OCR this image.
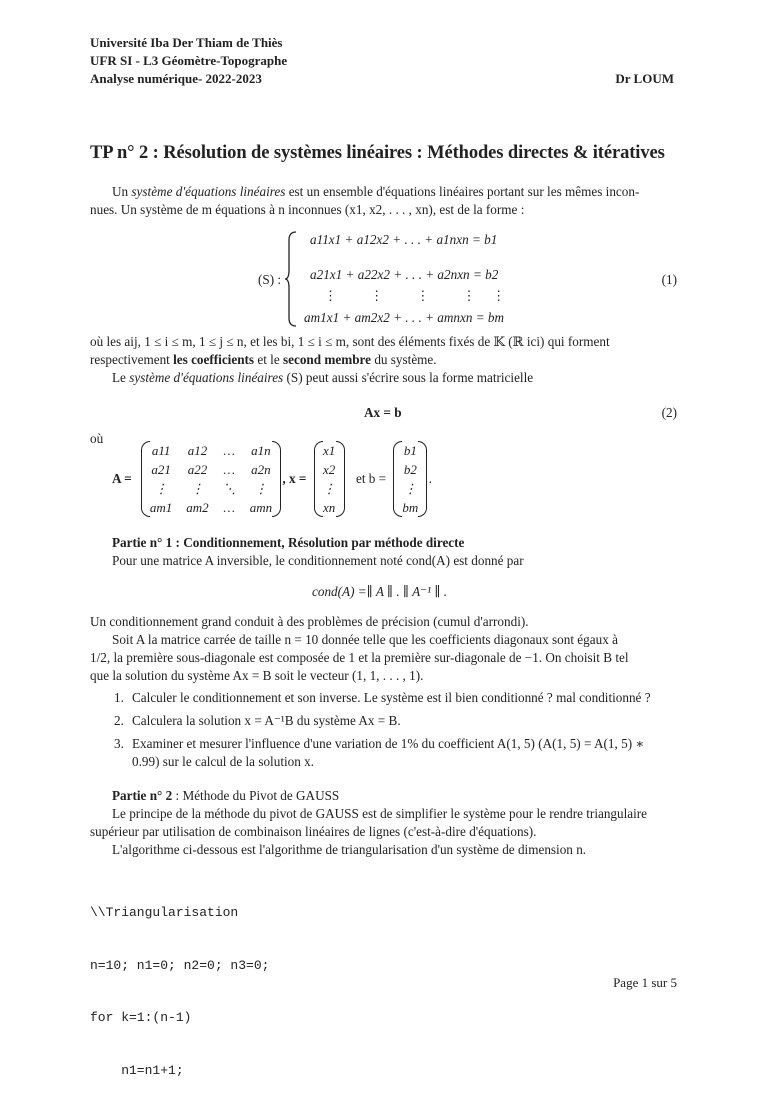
Université Iba Der Thiam de Thiès
UFR SI - L3 Géomètre-Topographe
Analyse numérique- 2022-2023	Dr LOUM
TP n° 2 : Résolution de systèmes linéaires : Méthodes directes & itératives
Un système d'équations linéaires est un ensemble d'équations linéaires portant sur les mêmes incon-
nues. Un système de m équations à n inconnues (x1, x2, . . . , xn), est de la forme :
(S) :
a11x1 + a12x2 + . . . + a1nxn = b1
a21x1 + a22x2 + . . . + a2nxn = b2
⋮          ⋮          ⋮          ⋮     ⋮
am1x1 + am2x2 + . . . + amnxn = bm
(1)
où les aij, 1 ≤ i ≤ m, 1 ≤ j ≤ n, et les bi, 1 ≤ i ≤ m, sont des éléments fixés de 𝕂 (ℝ ici) qui forment
respectivement les coefficients et le second membre du système.
Le système d'équations linéaires (S) peut aussi s'écrire sous la forme matricielle
Ax = b	(2)
où
A =
a11	a12	…	a1n
a21	a22	…	a2n
⋮	⋮	⋱	⋮
am1	am2	…	amn
, x =
x1
x2
⋮
xn
et b =
b1
b2
⋮
bm
.
Partie n° 1 : Conditionnement, Résolution par méthode directe
Pour une matrice A inversible, le conditionnement noté cond(A) est donné par
cond(A) =∥ A ∥ . ∥ A⁻¹ ∥ .
Un conditionnement grand conduit à des problèmes de précision (cumul d'arrondi).
Soit A la matrice carrée de taille n = 10 donnée telle que les coefficients diagonaux sont égaux à
1/2, la première sous-diagonale est composée de 1 et la première sur-diagonale de −1. On choisit B tel
que la solution du système Ax = B soit le vecteur (1, 1, . . . , 1).
1. Calculer le conditionnement et son inverse. Le système est il bien conditionné ? mal conditionné ?
2. Calculera la solution x = A⁻¹B du système Ax = B.
3. Examiner et mesurer l'influence d'une variation de 1% du coefficient A(1, 5) (A(1, 5) = A(1, 5) ∗
0.99) sur le calcul de la solution x.
Partie n° 2 : Méthode du Pivot de GAUSS
Le principe de la méthode du pivot de GAUSS est de simplifier le système pour le rendre triangulaire
supérieur par utilisation de combinaison linéaires de lignes (c'est-à-dire d'équations).
L'algorithme ci-dessous est l'algorithme de triangularisation d'un système de dimension n.

\\Triangularisation

n=10; n1=0; n2=0; n3=0;

for k=1:(n-1)

n1=n1+1;

Page 1 sur 5
